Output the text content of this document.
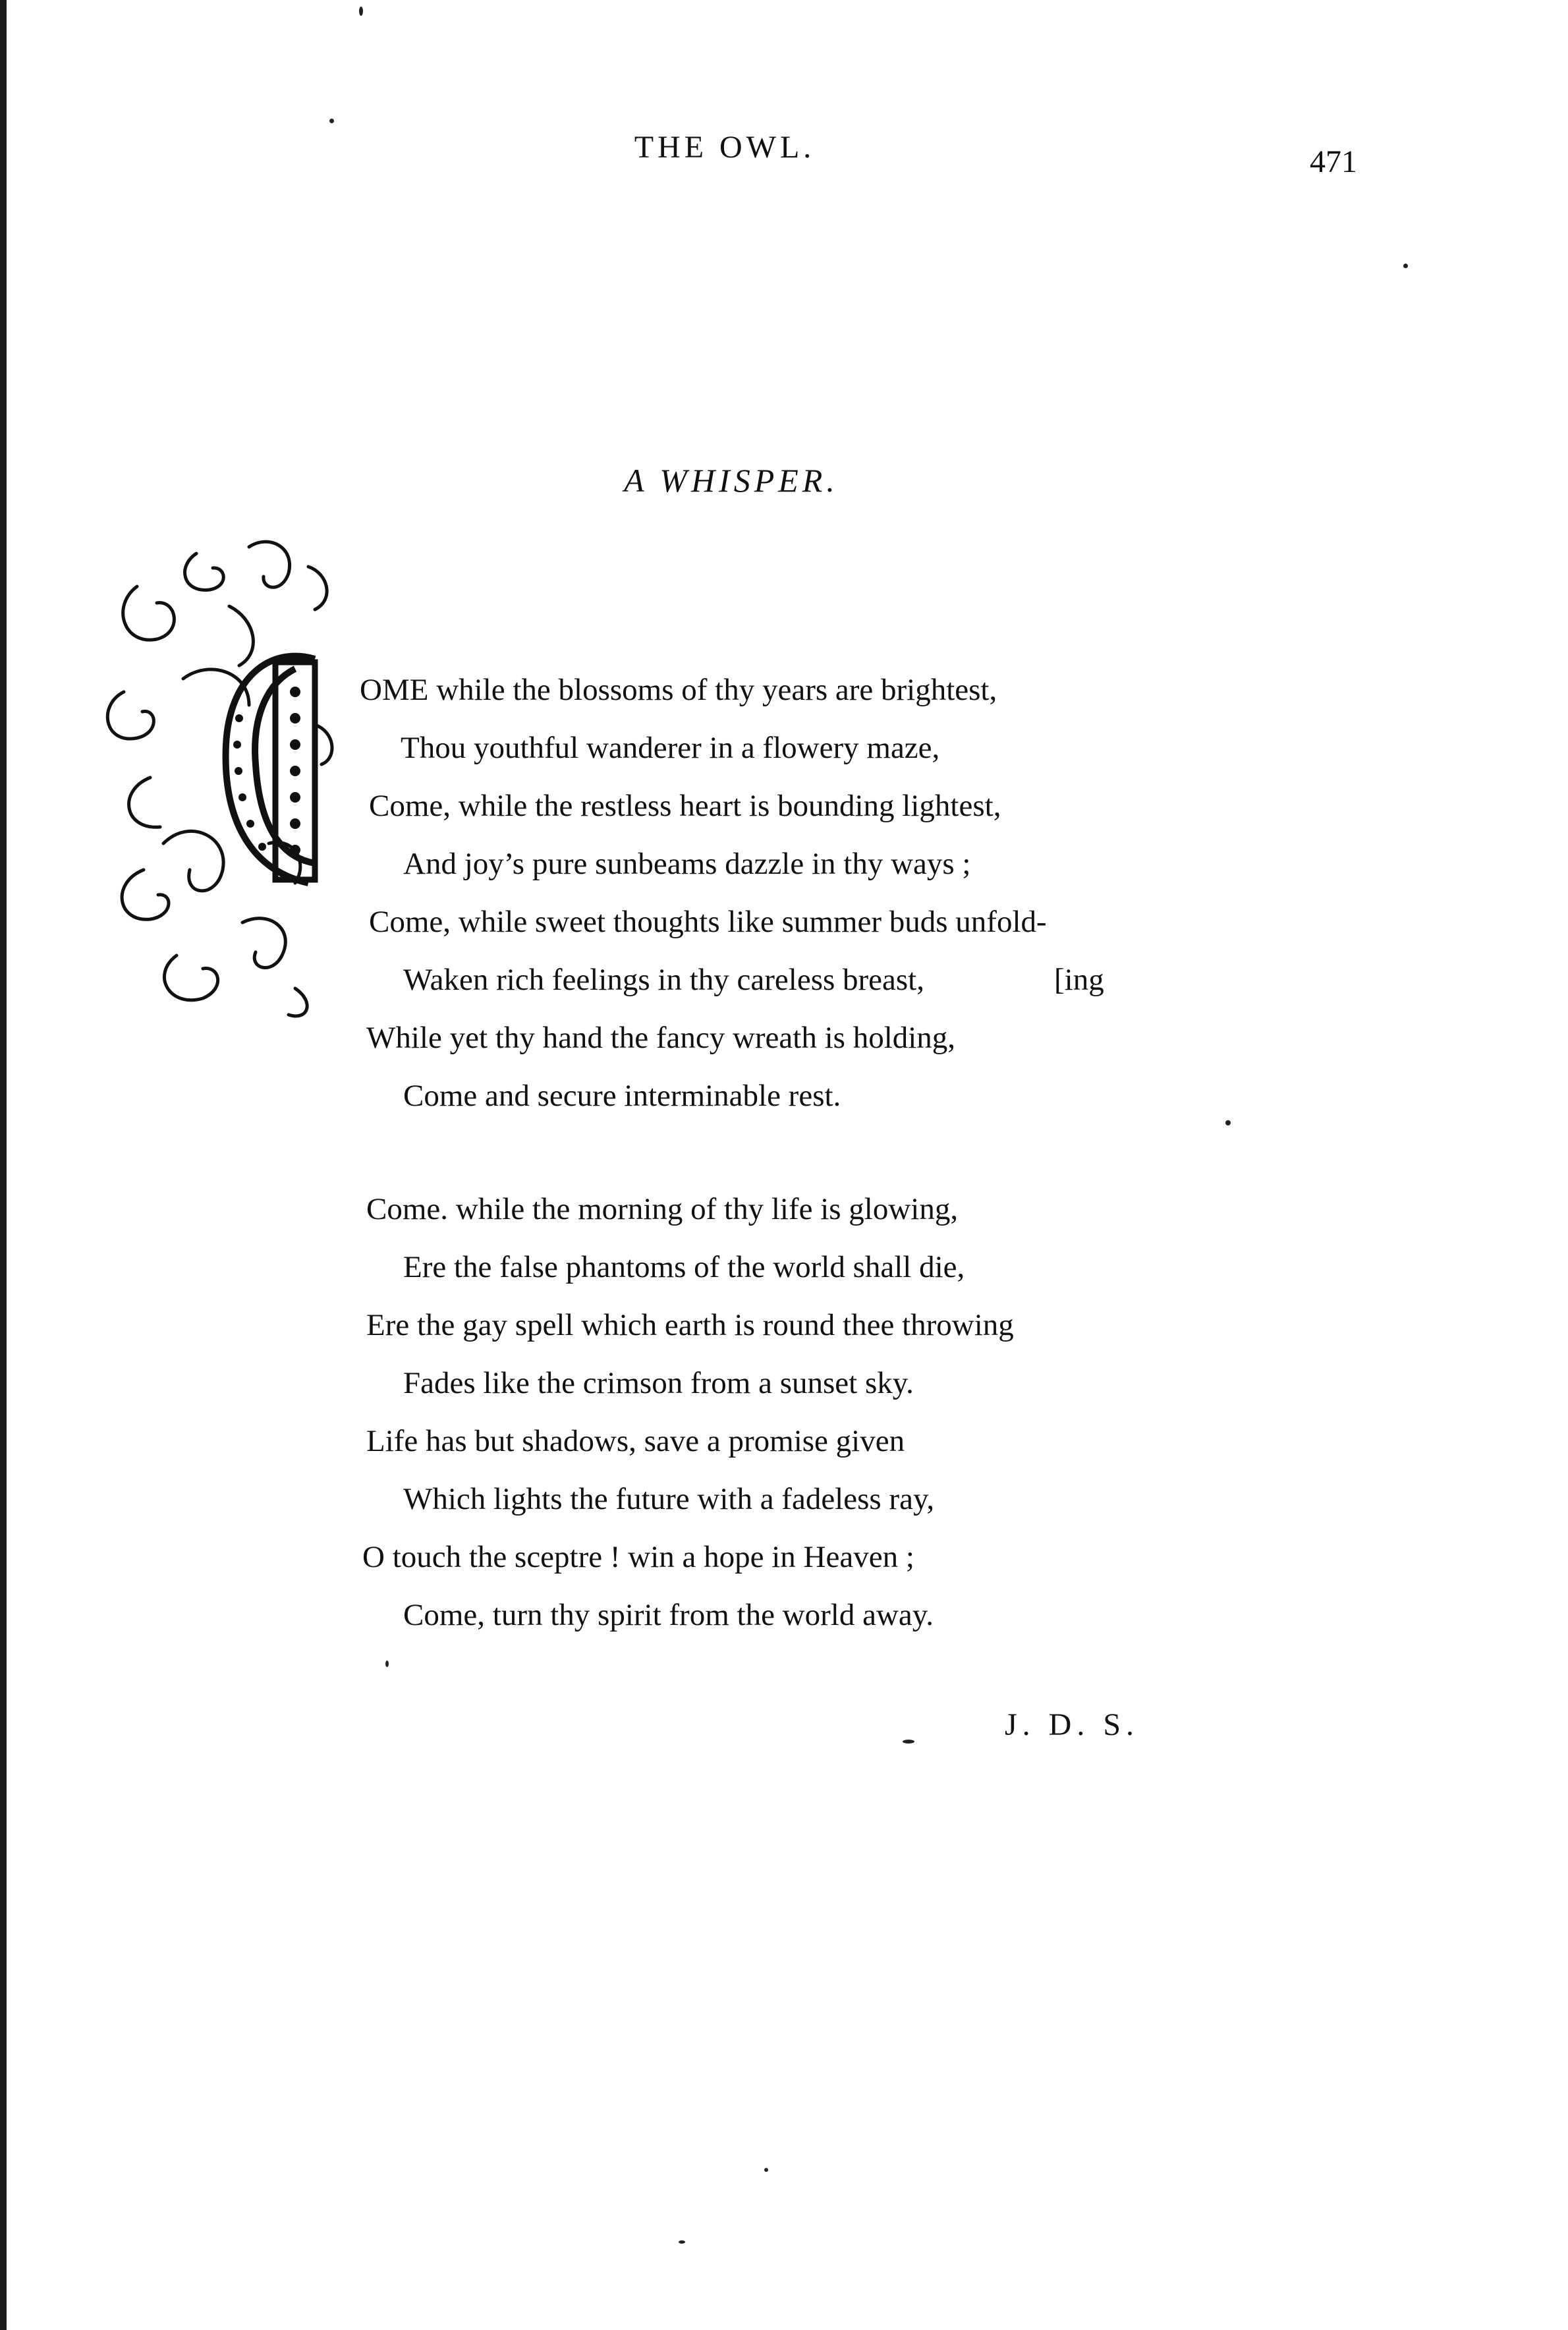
THE OWL.	471
A WHISPER.
OME while the blossoms of thy years are brightest,
Thou youthful wanderer in a flowery maze,
Come, while the restless heart is bounding lightest,
And joy’s pure sunbeams dazzle in thy ways ;
Come, while sweet thoughts like summer buds unfold-
Waken rich feelings in thy careless breast,	[ing
While yet thy hand the fancy wreath is holding,
Come and secure interminable rest.
Come. while the morning of thy life is glowing,
Ere the false phantoms of the world shall die,
Ere the gay spell which earth is round thee throwing
Fades like the crimson from a sunset sky.
Life has but shadows, save a promise given
Which lights the future with a fadeless ray,
O touch the sceptre ! win a hope in Heaven ;
Come, turn thy spirit from the world away.
J. D. S.
